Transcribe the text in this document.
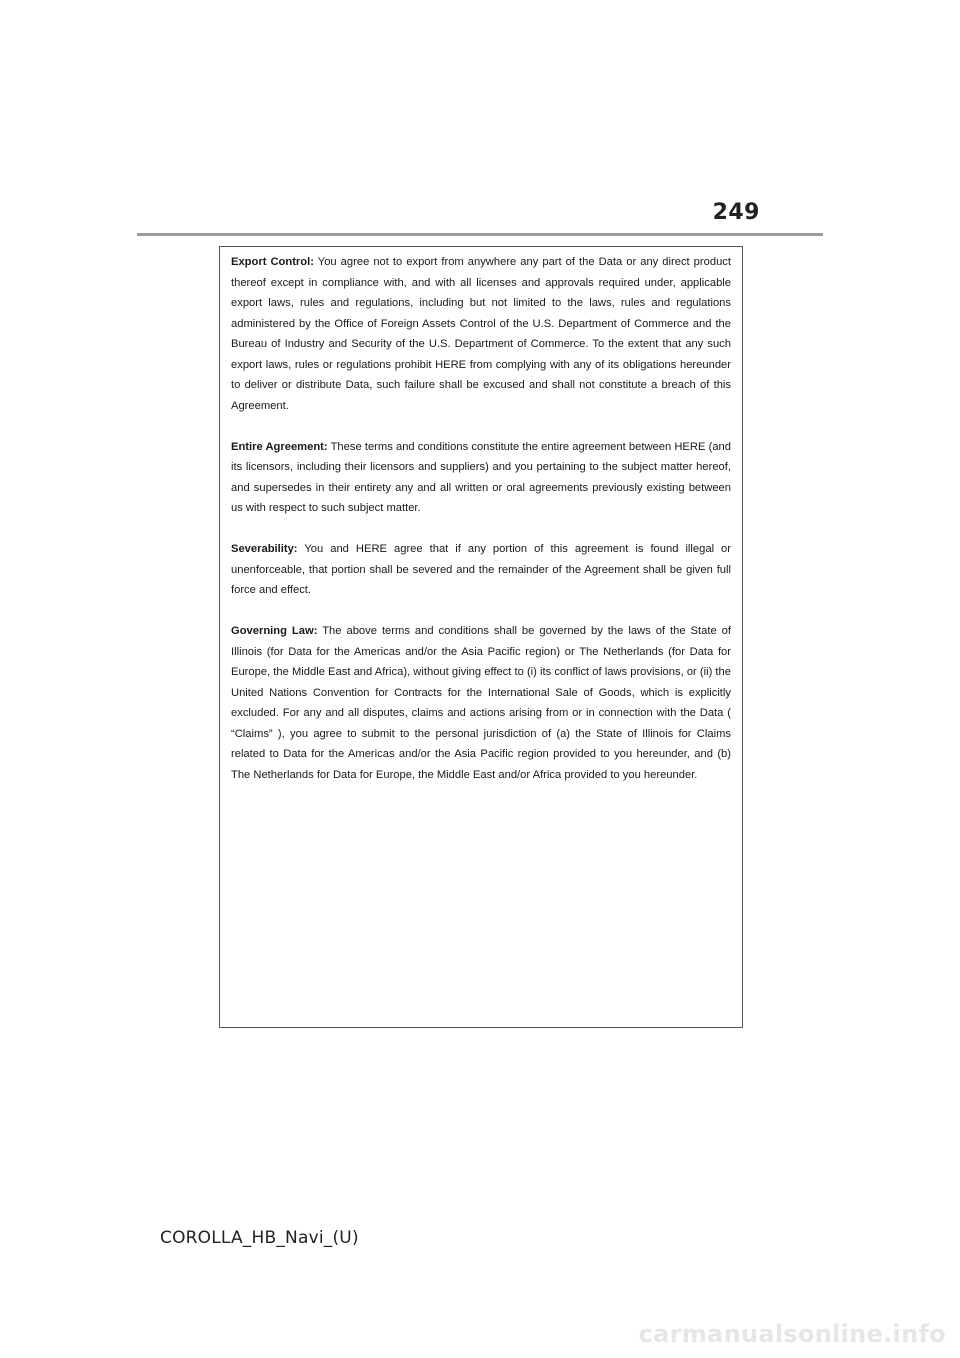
249

Export Control: You agree not to export from anywhere any part of the Data or any direct product thereof except in compliance with, and with all licenses and approvals required under, applicable export laws, rules and regulations, including but not limited to the laws, rules and regulations administered by the Office of Foreign Assets Control of the U.S. Department of Commerce and the Bureau of Industry and Security of the U.S. Department of Commerce. To the extent that any such export laws, rules or regulations prohibit HERE from complying with any of its obligations hereunder to deliver or distribute Data, such failure shall be excused and shall not constitute a breach of this Agreement.

Entire Agreement: These terms and conditions constitute the entire agreement between HERE (and its licensors, including their licensors and suppliers) and you pertaining to the subject matter hereof, and supersedes in their entirety any and all written or oral agreements previously existing between us with respect to such subject matter.

Severability: You and HERE agree that if any portion of this agreement is found illegal or unenforceable, that portion shall be severed and the remainder of the Agreement shall be given full force and effect.

Governing Law: The above terms and conditions shall be governed by the laws of the State of Illinois (for Data for the Americas and/or the Asia Pacific region) or The Netherlands (for Data for Europe, the Middle East and Africa), without giving effect to (i) its conflict of laws provisions, or (ii) the United Nations Convention for Contracts for the International Sale of Goods, which is explicitly excluded. For any and all disputes, claims and actions arising from or in connection with the Data ( “Claims” ), you agree to submit to the personal jurisdiction of (a) the State of Illinois for Claims related to Data for the Americas and/or the Asia Pacific region provided to you hereunder, and (b) The Netherlands for Data for Europe, the Middle East and/or Africa provided to you hereunder.

COROLLA_HB_Navi_(U)
carmanualsonline.info
